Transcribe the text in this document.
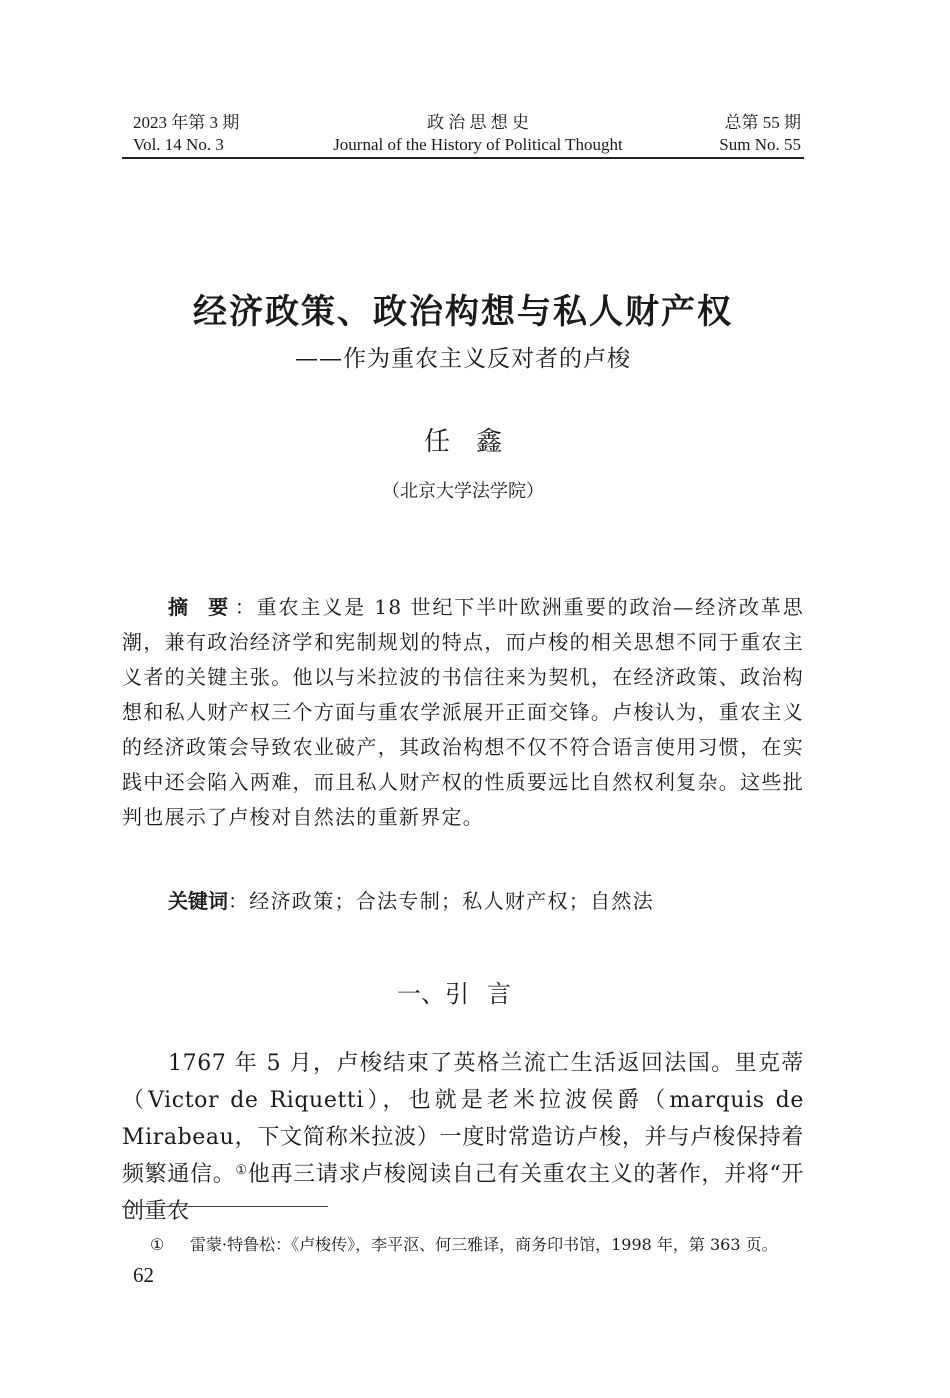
2023 年第 3 期
Vol. 14 No. 3
政 治 思 想 史
Journal of the History of Political Thought
总第 55 期
Sum No. 55
经济政策、政治构想与私人财产权
——作为重农主义反对者的卢梭
任鑫
（北京大学法学院）
摘 要：重农主义是 18 世纪下半叶欧洲重要的政治—经济改革思潮，兼有政治经济学和宪制规划的特点，而卢梭的相关思想不同于重农主义者的关键主张。他以与米拉波的书信往来为契机，在经济政策、政治构想和私人财产权三个方面与重农学派展开正面交锋。卢梭认为，重农主义的经济政策会导致农业破产，其政治构想不仅不符合语言使用习惯，在实践中还会陷入两难，而且私人财产权的性质要远比自然权利复杂。这些批判也展示了卢梭对自然法的重新界定。
关键词：经济政策；合法专制；私人财产权；自然法
一、引言
1767 年 5 月，卢梭结束了英格兰流亡生活返回法国。里克蒂（Victor de Riquetti），也就是老米拉波侯爵（marquis de Mirabeau，下文简称米拉波）一度时常造访卢梭，并与卢梭保持着频繁通信。①他再三请求卢梭阅读自己有关重农主义的著作，并将“开创重农
① 雷蒙·特鲁松：《卢梭传》，李平沤、何三雅译，商务印书馆，1998 年，第 363 页。
62
